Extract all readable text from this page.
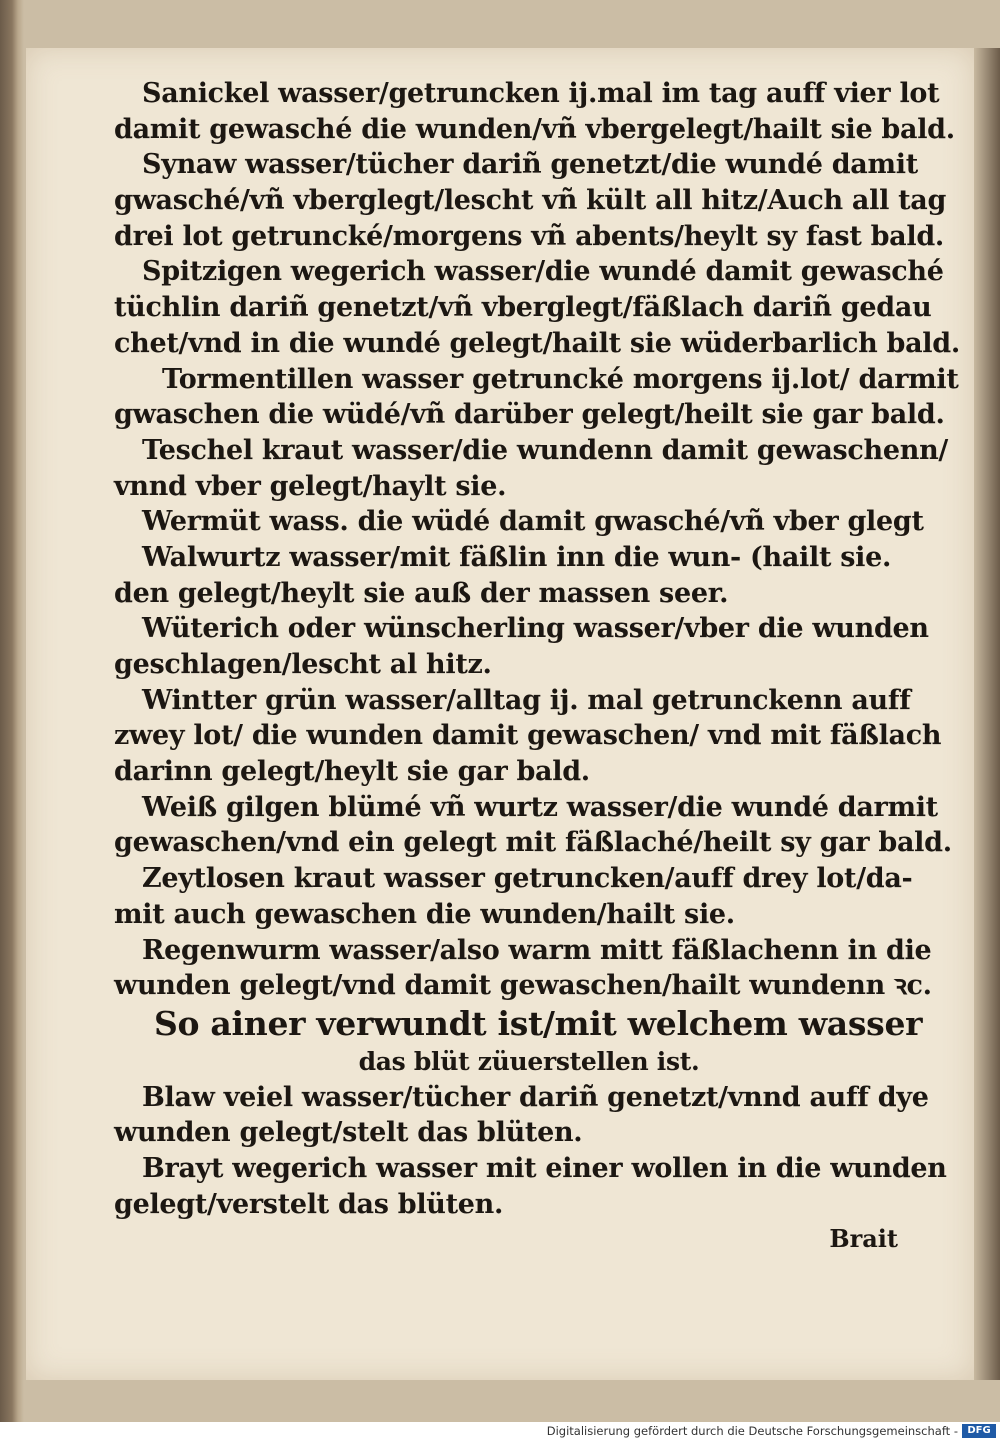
Sanickel wasser/getruncken ij.mal im tag auff vier lot
damit gewasché die wunden/vñ vbergelegt/hailt sie bald.
Synaw wasser/tücher dariñ genetzt/die wundé damit
gwasché/vñ vberglegt/lescht vñ kült all hitz/Auch all tag
drei lot getruncké/morgens vñ abents/heylt sy fast bald.
Spitzigen wegerich wasser/die wundé damit gewasché
tüchlin dariñ genetzt/vñ vberglegt/fäßlach dariñ gedau
chet/vnd in die wundé gelegt/hailt sie wüderbarlich bald.
Tormentillen wasser getruncké morgens ij.lot/ darmit
gwaschen die wüdé/vñ darüber gelegt/heilt sie gar bald.
Teschel kraut wasser/die wundenn damit gewaschenn/
vnnd vber gelegt/haylt sie.
Wermüt wass. die wüdé damit gwasché/vñ vber glegt
Walwurtz wasser/mit fäßlin inn die wun- (hailt sie.
den gelegt/heylt sie auß der massen seer.
Wüterich oder wünscherling wasser/vber die wunden
geschlagen/lescht al hitz.
Wintter grün wasser/alltag ij. mal getrunckenn auff
zwey lot/ die wunden damit gewaschen/ vnd mit fäßlach
darinn gelegt/heylt sie gar bald.
Weiß gilgen blümé vñ wurtz wasser/die wundé darmit
gewaschen/vnd ein gelegt mit fäßlaché/heilt sy gar bald.
Zeytlosen kraut wasser getruncken/auff drey lot/da-
mit auch gewaschen die wunden/hailt sie.
Regenwurm wasser/also warm mitt fäßlachenn in die
wunden gelegt/vnd damit gewaschen/hailt wundenn ꝛc.
So ainer verwundt ist/mit welchem wasser
das blüt züuerstellen ist.
Blaw veiel wasser/tücher dariñ genetzt/vnnd auff dye
wunden gelegt/stelt das blüten.
Brayt wegerich wasser mit einer wollen in die wunden
gelegt/verstelt das blüten.
Brait
Digitalisierung gefördert durch die Deutsche Forschungsgemeinschaft - DFG
